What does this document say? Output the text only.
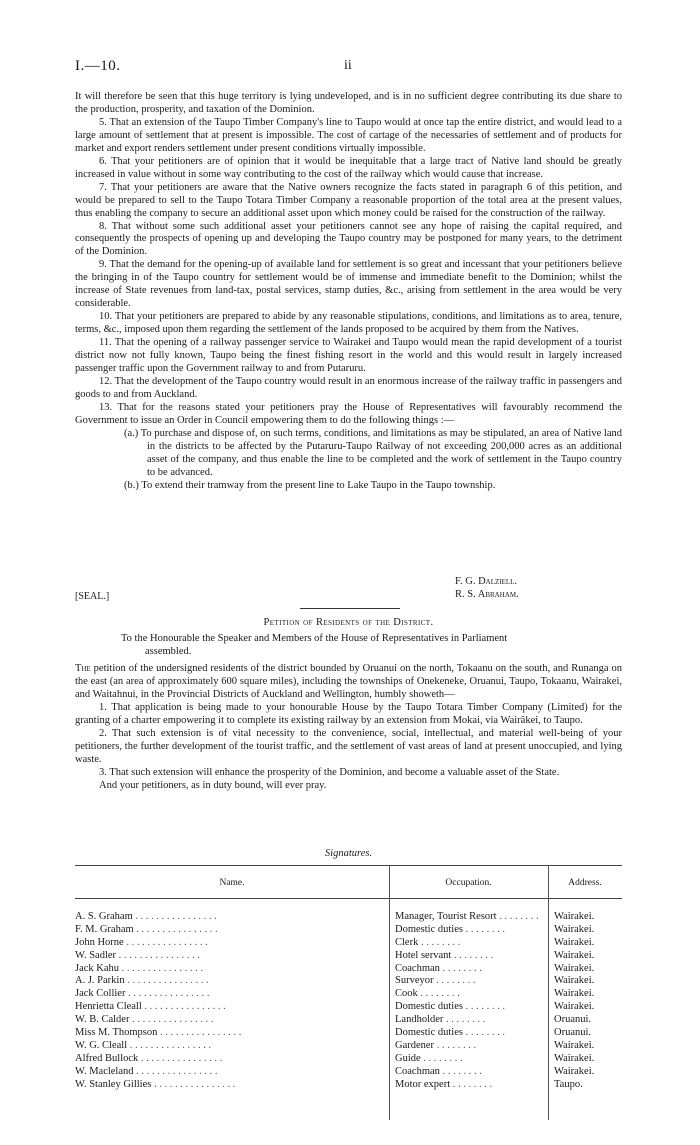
I.—10.	ii

It will therefore be seen that this huge territory is lying undeveloped, and is in no sufficient degree contributing its due share to the production, prosperity, and taxation of the Dominion.

5. That an extension of the Taupo Timber Company's line to Taupo would at once tap the entire district, and would lead to a large amount of settlement that at present is impossible. The cost of cartage of the necessaries of settlement and of products for market and export renders settlement under present conditions virtually impossible.

6. That your petitioners are of opinion that it would be inequitable that a large tract of Native land should be greatly increased in value without in some way contributing to the cost of the railway which would cause that increase.

7. That your petitioners are aware that the Native owners recognize the facts stated in paragraph 6 of this petition, and would be prepared to sell to the Taupo Totara Timber Company a reasonable proportion of the total area at the present values, thus enabling the company to secure an additional asset upon which money could be raised for the construction of the railway.

8. That without some such additional asset your petitioners cannot see any hope of raising the capital required, and consequently the prospects of opening up and developing the Taupo country may be postponed for many years, to the detriment of the Dominion.

9. That the demand for the opening-up of available land for settlement is so great and incessant that your petitioners believe the bringing in of the Taupo country for settlement would be of immense and immediate benefit to the Dominion; whilst the increase of State revenues from land-tax, postal services, stamp duties, &c., arising from settlement in the area would be very considerable.

10. That your petitioners are prepared to abide by any reasonable stipulations, conditions, and limitations as to area, tenure, terms, &c., imposed upon them regarding the settlement of the lands proposed to be acquired by them from the Natives.

11. That the opening of a railway passenger service to Wairakei and Taupo would mean the rapid development of a tourist district now not fully known, Taupo being the finest fishing resort in the world and this would result in largely increased passenger traffic upon the Government railway to and from Putaruru.

12. That the development of the Taupo country would result in an enormous increase of the railway traffic in passengers and goods to and from Auckland.

13. That for the reasons stated your petitioners pray the House of Representatives will favourably recommend the Government to issue an Order in Council empowering them to do the following things :—

(a.) To purchase and dispose of, on such terms, conditions, and limitations as may be stipulated, an area of Native land in the districts to be affected by the Putaruru-Taupo Railway of not exceeding 200,000 acres as an additional asset of the company, and thus enable the line to be completed and the work of settlement in the Taupo country to be advanced.

(b.) To extend their tramway from the present line to Lake Taupo in the Taupo township.

F. G. Dalziell.
R. S. Abraham.
[SEAL.]
Petition of Residents of the District.

To the Honourable the Speaker and Members of the House of Representatives in Parliament
assembled.

The petition of the undersigned residents of the district bounded by Oruanui on the north, Tokaanu on the south, and Runanga on the east (an area of approximately 600 square miles), including the townships of Onekeneke, Oruanui, Taupo, Tokaanu, Wairakei, and Waitahnui, in the Provincial Districts of Auckland and Wellington, humbly showeth—

1. That application is being made to your honourable House by the Taupo Totara Timber Company (Limited) for the granting of a charter empowering it to complete its existing railway by an extension from Mokai, via Wairâkei, to Taupo.

2. That such extension is of vital necessity to the convenience, social, intellectual, and material well-being of your petitioners, the further development of the tourist traffic, and the settlement of vast areas of land at present unoccupied, and lying waste.

3. That such extension will enhance the prosperity of the Dominion, and become a valuable asset of the State.

And your petitioners, as in duty bound, will ever pray.

Signatures.
Name.	Occupation.	Address.
A. S. Graham . . . . . . . . . . . . . . . .	Manager, Tourist Resort . . . . . . . .	Wairakei.
F. M. Graham . . . . . . . . . . . . . . . .	Domestic duties . . . . . . . .	Wairakei.
John Horne . . . . . . . . . . . . . . . .	Clerk . . . . . . . .	Wairakei.
W. Sadler . . . . . . . . . . . . . . . .	Hotel servant . . . . . . . .	Wairakei.
Jack Kahu . . . . . . . . . . . . . . . .	Coachman . . . . . . . .	Wairakei.
A. J. Parkin . . . . . . . . . . . . . . . .	Surveyor . . . . . . . .	Wairakei.
Jack Collier . . . . . . . . . . . . . . . .	Cook . . . . . . . .	Wairakei.
Henrietta Cleall . . . . . . . . . . . . . . . .	Domestic duties . . . . . . . .	Wairakei.
W. B. Calder . . . . . . . . . . . . . . . .	Landholder . . . . . . . .	Oruanui.
Miss M. Thompson . . . . . . . . . . . . . . . .	Domestic duties . . . . . . . .	Oruanui.
W. G. Cleall . . . . . . . . . . . . . . . .	Gardener . . . . . . . .	Wairakei.
Alfred Bullock . . . . . . . . . . . . . . . .	Guide . . . . . . . .	Wairakei.
W. Macleland . . . . . . . . . . . . . . . .	Coachman . . . . . . . .	Wairakei.
W. Stanley Gillies . . . . . . . . . . . . . . . .	Motor expert . . . . . . . .	Taupo.
